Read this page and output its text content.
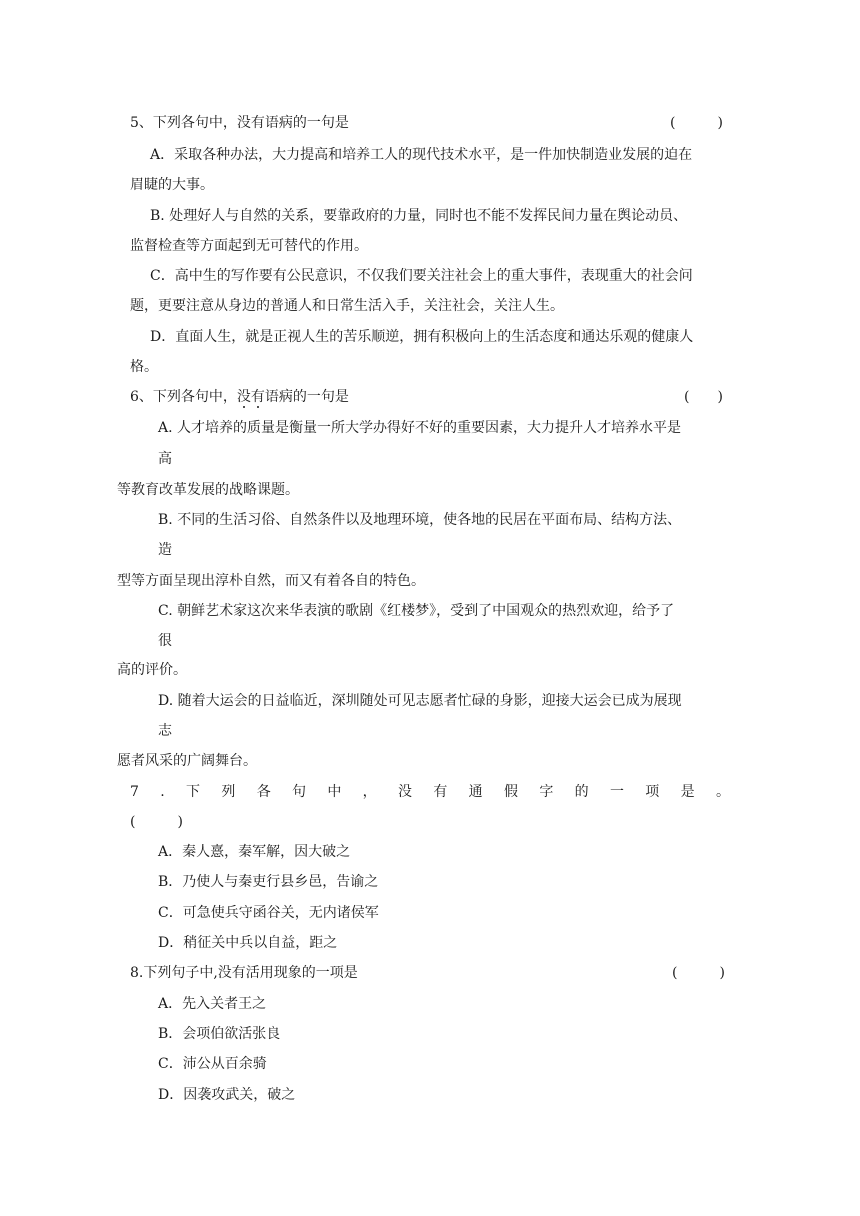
5、下列各句中，没有语病的一句是	(　　　)
A．采取各种办法，大力提高和培养工人的现代技术水平，是一件加快制造业发展的迫在
眉睫的大事。
B. 处理好人与自然的关系，要靠政府的力量，同时也不能不发挥民间力量在舆论动员、
监督检查等方面起到无可替代的作用。
C．高中生的写作要有公民意识，不仅我们要关注社会上的重大事件，表现重大的社会问
题，更要注意从身边的普通人和日常生活入手，关注社会，关注人生。
D．直面人生，就是正视人生的苦乐顺逆，拥有积极向上的生活态度和通达乐观的健康人
格。
6、下列各句中，没有语病的一句是	(　　)
A. 人才培养的质量是衡量一所大学办得好不好的重要因素，大力提升人才培养水平是
高
等教育改革发展的战略课题。
B. 不同的生活习俗、自然条件以及地理环境，使各地的民居在平面布局、结构方法、
造
型等方面呈现出淳朴自然，而又有着各自的特色。
C. 朝鲜艺术家这次来华表演的歌剧《红楼梦》，受到了中国观众的热烈欢迎，给予了
很
高的评价。
D. 随着大运会的日益临近，深圳随处可见志愿者忙碌的身影，迎接大运会已成为展现
志
愿者风采的广阔舞台。
7 . 下 列 各 句 中 ， 没 有 通 假 字 的 一 项 是 。
(　　　)
A．秦人憙，秦军解，因大破之
B．乃使人与秦吏行县乡邑，告谕之
C．可急使兵守函谷关，无内诸侯军
D．稍征关中兵以自益，距之
8.下列句子中,没有活用现象的一项是	(　　　)
A．先入关者王之
B．会项伯欲活张良
C．沛公从百余骑
D．因袭攻武关，破之
